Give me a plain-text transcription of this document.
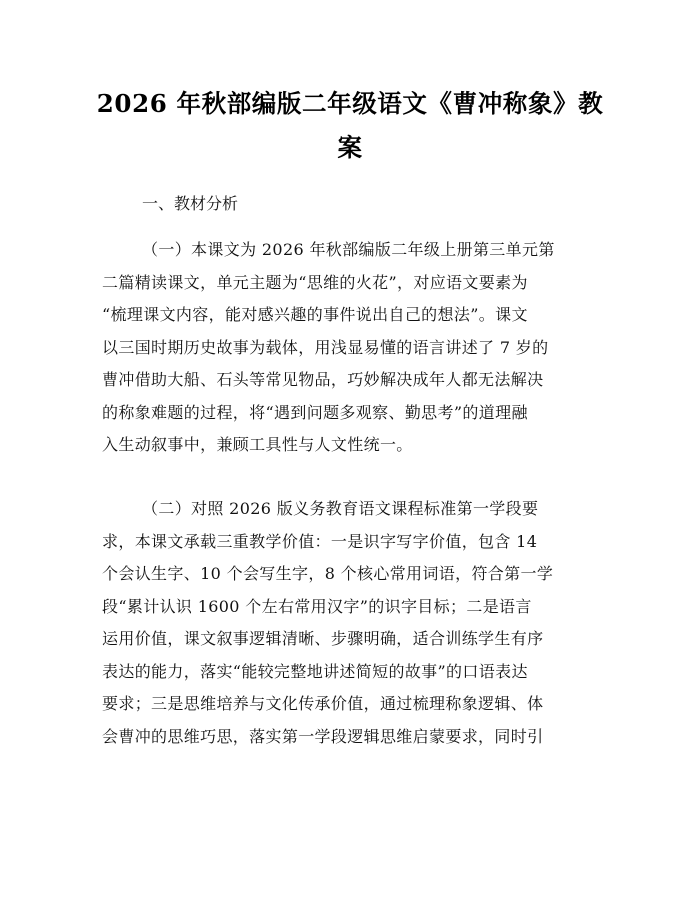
2026 年秋部编版二年级语文《曹冲称象》教
案
一、教材分析
（一）本课文为 2026 年秋部编版二年级上册第三单元第
二篇精读课文，单元主题为“思维的火花”，对应语文要素为
“梳理课文内容，能对感兴趣的事件说出自己的想法”。课文
以三国时期历史故事为载体，用浅显易懂的语言讲述了 7 岁的
曹冲借助大船、石头等常见物品，巧妙解决成年人都无法解决
的称象难题的过程，将“遇到问题多观察、勤思考”的道理融
入生动叙事中，兼顾工具性与人文性统一。
（二）对照 2026 版义务教育语文课程标准第一学段要
求，本课文承载三重教学价值：一是识字写字价值，包含 14
个会认生字、10 个会写生字，8 个核心常用词语，符合第一学
段“累计认识 1600 个左右常用汉字”的识字目标；二是语言
运用价值，课文叙事逻辑清晰、步骤明确，适合训练学生有序
表达的能力，落实“能较完整地讲述简短的故事”的口语表达
要求；三是思维培养与文化传承价值，通过梳理称象逻辑、体
会曹冲的思维巧思，落实第一学段逻辑思维启蒙要求，同时引
